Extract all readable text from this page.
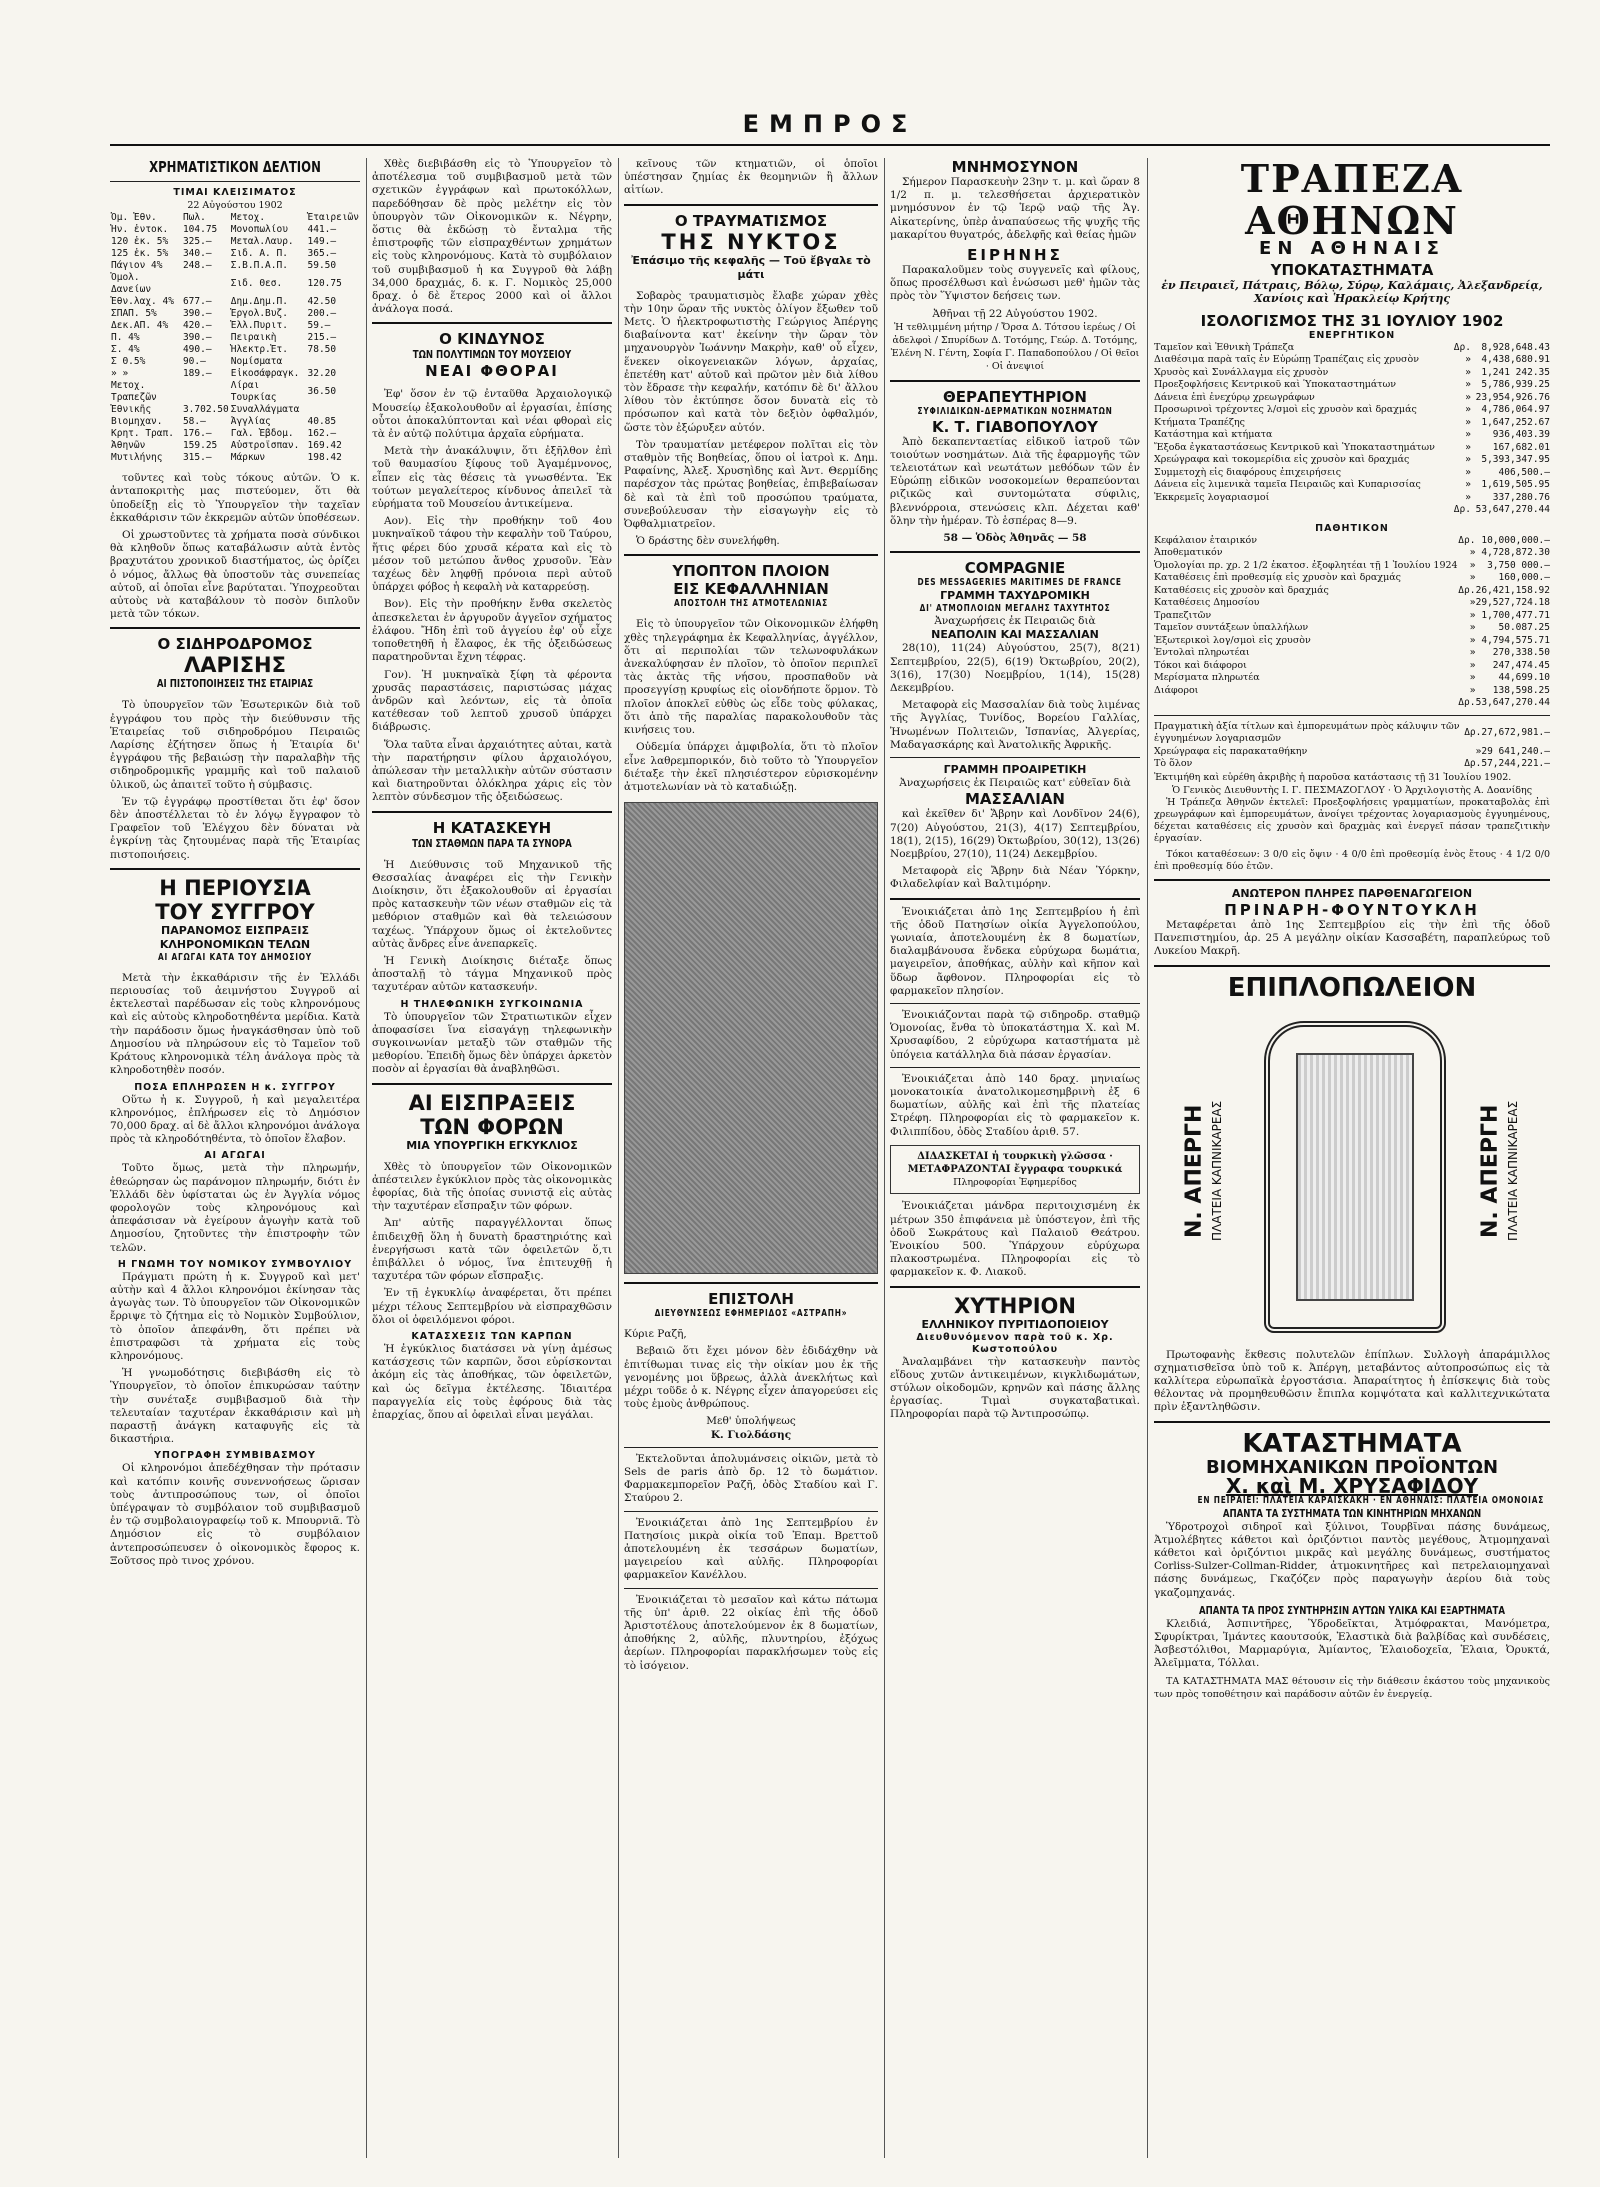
ΕΜΠΡΟΣ
ΧΡΗΜΑΤΙΣΤΙΚΟΝ ΔΕΛΤΙΟΝ
ΤΙΜΑΙ ΚΛΕΙΣΙΜΑΤΟΣ
22 Αὐγούστου 1902
Ὀμ. Ἐθν.	Πωλ.	Μετοχ.	Ἐταιρειῶν
Ἠν. ἐντοκ.	104.75	Μονοπωλίου	441.—
120 ἐκ. 5%	325.—	Μεταλ.Λαυρ.	149.—
125 ἐκ. 5%	340.—	Σιδ. Α. Π.	365.—
Πάγιον 4%	248.—	Σ.Β.Π.Α.Π.	59.50
Ὁμολ. Δανείων		Σιδ. Θεσ.	120.75
Ἐθν.λαχ. 4%	677.—	Δημ.Δημ.Π.	42.50
ΣΠΑΠ. 5%	390.—	Ἐργολ.Βυζ.	200.—
Δεκ.ΑΠ. 4%	420.—	Ἑλλ.Πυριτ.	59.—
Π. 4%	390.—	Πειραικὴ	215.—
Σ. 4%	490.—	Ἡλεκτρ.Ἑτ.	78.50
Σ Θ.5%	90.—	Νομίσματα	
» »	189.—	Εἰκοσάφραγκ.	32.20
Μετοχ. Τραπεζῶν		Λίραι Τουρκίας	36.50
Ἐθνικῆς	3.702.50	Συναλλάγματα	
Βιομηχαν.	58.—	Ἀγγλίας	40.85
Κρητ. Τραπ.	176.—	Γαλ. Ἑβδομ.	162.—
Ἀθηνῶν	159.25	Αὐστροϊσπαν.	169.42
Μυτιλήνης	315.—	Μάρκων	198.42

τοῦντες καὶ τοὺς τόκους αὐτῶν. Ὁ κ. ἀνταποκριτὴς μας πιστεύομεν, ὅτι θὰ ὑποδείξῃ εἰς τὸ Ὑπουργεῖον τὴν ταχεῖαν ἐκκαθάρισιν τῶν ἐκκρεμῶν αὐτῶν ὑποθέσεων.

Οἱ χρωστοῦντες τὰ χρήματα ποσὰ σύνδικοι θὰ κληθοῦν ὅπως καταβάλωσιν αὐτὰ ἐντὸς βραχυτάτου χρονικοῦ διαστήματος, ὡς ὁρίζει ὁ νόμος, ἄλλως θὰ ὑποστοῦν τὰς συνεπείας αὐτοῦ, αἱ ὁποῖαι εἶνε βαρύταται. Ὑποχρεοῦται αὐτοὺς νὰ καταβάλουν τὸ ποσὸν διπλοῦν μετὰ τῶν τόκων.

Ο ΣΙΔΗΡΟΔΡΟΜΟΣ
ΛΑΡΙΣΗΣ
ΑΙ ΠΙΣΤΟΠΟΙΗΣΕΙΣ ΤΗΣ ΕΤΑΙΡΙΑΣ

Τὸ ὑπουργεῖον τῶν Ἐσωτερικῶν διὰ τοῦ ἐγγράφου του πρὸς τὴν διεύθυνσιν τῆς Ἑταιρείας τοῦ σιδηροδρόμου Πειραιῶς Λαρίσης ἐζήτησεν ὅπως ἡ Ἑταιρία δι' ἐγγράφου τῆς βεβαιώσῃ τὴν παραλαβὴν τῆς σιδηροδρομικῆς γραμμῆς καὶ τοῦ παλαιοῦ ὑλικοῦ, ὡς ἀπαιτεῖ τοῦτο ἡ σύμβασις.

Ἐν τῷ ἐγγράφῳ προστίθεται ὅτι ἐφ' ὅσον δὲν ἀποστέλλεται τὸ ἐν λόγῳ ἔγγραφον τὸ Γραφεῖον τοῦ Ἐλέγχου δὲν δύναται νὰ ἐγκρίνῃ τὰς ζητουμένας παρὰ τῆς Ἑταιρίας πιστοποιήσεις.

Η ΠΕΡΙΟΥΣΙΑ
ΤΟΥ ΣΥΓΓΡΟΥ
ΠΑΡΑΝΟΜΟΣ ΕΙΣΠΡΑΞΙΣ
ΚΛΗΡΟΝΟΜΙΚΩΝ ΤΕΛΩΝ
ΑΙ ΑΓΩΓΑΙ ΚΑΤΑ ΤΟΥ ΔΗΜΟΣΙΟΥ

Μετὰ τὴν ἐκκαθάρισιν τῆς ἐν Ἑλλάδι περιουσίας τοῦ ἀειμνήστου Συγγροῦ αἱ ἐκτελεσταὶ παρέδωσαν εἰς τοὺς κληρονόμους καὶ εἰς αὐτοὺς κληροδοτηθέντα μερίδια. Κατὰ τὴν παράδοσιν ὅμως ἠναγκάσθησαν ὑπὸ τοῦ Δημοσίου νὰ πληρώσουν εἰς τὸ Ταμεῖον τοῦ Κράτους κληρονομικὰ τέλη ἀνάλογα πρὸς τὰ κληροδοτηθὲν ποσόν.

ΠΟΣΑ ΕΠΛΗΡΩΣΕΝ Η κ. ΣΥΓΓΡΟΥ

Οὕτω ἡ κ. Συγγροῦ, ἡ καὶ μεγαλειτέρα κληρονόμος, ἐπλήρωσεν εἰς τὸ Δημόσιον 70,000 δραχ. αἱ δὲ ἄλλοι κληρονόμοι ἀνάλογα πρὸς τὰ κληροδότηθέντα, τὸ ὁποῖον ἔλαβον.

ΑΙ ΑΓΩΓΑΙ

Τοῦτο ὅμως, μετὰ τὴν πληρωμήν, ἐθεώρησαν ὡς παράνομον πληρωμήν, διότι ἐν Ἑλλάδι δὲν ὑφίσταται ὡς ἐν Ἀγγλία νόμος φορολογῶν τοὺς κληρονόμους καὶ ἀπεφάσισαν νὰ ἐγείρουν ἀγωγὴν κατὰ τοῦ Δημοσίου, ζητοῦντες τὴν ἐπιστροφὴν τῶν τελῶν.

Η ΓΝΩΜΗ ΤΟΥ ΝΟΜΙΚΟΥ ΣΥΜΒΟΥΛΙΟΥ

Πράγματι πρώτη ἡ κ. Συγγροῦ καὶ μετ' αὐτὴν καὶ 4 ἄλλοι κληρονόμοι ἐκίνησαν τὰς ἀγωγὰς των. Τὸ ὑπουργεῖον τῶν Οἰκονομικῶν ἔρριψε τὸ ζήτημα εἰς τὸ Νομικὸν Συμβούλιον, τὸ ὁποῖον ἀπεφάνθη, ὅτι πρέπει νὰ ἐπιστραφῶσι τὰ χρήματα εἰς τοὺς κληρονόμους.

Ἡ γνωμοδότησις διεβιβάσθη εἰς τὸ Ὑπουργεῖον, τὸ ὁποῖον ἐπικυρώσαν ταύτην τὴν συνέταξε συμβιβασμοῦ διὰ τὴν τελευταίαν ταχυτέραν ἐκκαθάρισιν καὶ μὴ παραστῇ ἀνάγκη καταφυγῆς εἰς τὰ δικαστήρια.

ΥΠΟΓΡΑΦΗ ΣΥΜΒΙΒΑΣΜΟΥ

Οἱ κληρονόμοι ἀπεδέχθησαν τὴν πρότασιν καὶ κατόπιν κοινῆς συνεννοήσεως ὥρισαν τοὺς ἀντιπροσώπους των, οἱ ὁποῖοι ὑπέγραψαν τὸ συμβόλαιον τοῦ συμβιβασμοῦ ἐν τῷ συμβολαιογραφείῳ τοῦ κ. Μπουρνιᾶ. Τὸ Δημόσιον εἰς τὸ συμβόλαιον ἀντεπροσώπευσεν ὁ οἰκονομικὸς ἔφορος κ. Ξοῦτσος πρὸ τινος χρόνου.

Χθὲς διεβιβάσθη εἰς τὸ Ὑπουργεῖον τὸ ἀποτέλεσμα τοῦ συμβιβασμοῦ μετὰ τῶν σχετικῶν ἐγγράφων καὶ πρωτοκόλλων, παρεδόθησαν δὲ πρὸς μελέτην εἰς τὸν ὑπουργὸν τῶν Οἰκονομικῶν κ. Νέγρην, ὅστις θὰ ἐκδώσῃ τὸ ἔνταλμα τῆς ἐπιστροφῆς τῶν εἰσπραχθέντων χρημάτων εἰς τοὺς κληρονόμους. Κατὰ τὸ συμβόλαιον τοῦ συμβιβασμοῦ ἡ κα Συγγροῦ θὰ λάβῃ 34,000 δραχμάς, δ. κ. Γ. Νομικὸς 25,000 δραχ. ὁ δὲ ἕτερος 2000 καὶ οἱ ἄλλοι ἀνάλογα ποσά.

Ο ΚΙΝΔΥΝΟΣ
ΤΩΝ ΠΟΛΥΤΙΜΩΝ ΤΟΥ ΜΟΥΣΕΙΟΥ
ΝΕΑΙ ΦΘΟΡΑΙ

Ἐφ' ὅσον ἐν τῷ ἐνταῦθα Ἀρχαιολογικῷ Μουσείῳ ἐξακολουθοῦν αἱ ἐργασίαι, ἐπίσης οὗτοι ἀποκαλύπτονται καὶ νέαι φθοραὶ εἰς τὰ ἐν αὐτῷ πολύτιμα ἀρχαῖα εὑρήματα.

Μετὰ τὴν ἀνακάλυψιν, ὅτι ἐξῆλθον ἐπὶ τοῦ θαυμασίου ξίφους τοῦ Ἀγαμέμνονος, εἶπεν εἰς τὰς θέσεις τὰ γνωσθέντα. Ἐκ τούτων μεγαλείτερος κίνδυνος ἀπειλεῖ τὰ εὑρήματα τοῦ Μουσείου ἀντικείμενα.

Αον). Εἰς τὴν προθήκην τοῦ 4ου μυκηναϊκοῦ τάφου τὴν κεφαλὴν τοῦ Ταύρου, ἥτις φέρει δύο χρυσᾶ κέρατα καὶ εἰς τὸ μέσον τοῦ μετώπου ἄνθος χρυσοῦν. Ἐὰν ταχέως δὲν ληφθῇ πρόνοια περὶ αὐτοῦ ὑπάρχει φόβος ἡ κεφαλὴ νὰ καταρρεύσῃ.

Βον). Εἰς τὴν προθήκην ἔνθα σκελετὸς ἀπεσκελεται ἐν ἀργυροῦν ἀγγεῖον σχήματος ἐλάφου. Ἤδη ἐπὶ τοῦ ἀγγείου ἐφ' οὗ εἶχε τοποθετηθῆ ἡ ἔλαφος, ἐκ τῆς ὀξειδώσεως παρατηροῦνται ἔχνη τέφρας.

Γον). Ἡ μυκηναϊκὰ ξίφη τὰ φέροντα χρυσᾶς παραστάσεις, παριστώσας μάχας ἀνδρῶν καὶ λεόντων, εἰς τὰ ὁποῖα κατέθεσαν τοῦ λεπτοῦ χρυσοῦ ὑπάρχει διάβρωσις.

Ὅλα ταῦτα εἶναι ἀρχαιότητες αὐται, κατὰ τὴν παρατήρησιν φίλου ἀρχαιολόγου, ἀπώλεσαν τὴν μεταλλικὴν αὐτῶν σύστασιν καὶ διατηροῦνται ὁλόκληρα χάρις εἰς τὸν λεπτὸν σύνδεσμον τῆς ὀξειδώσεως.

Η ΚΑΤΑΣΚΕΥΗ
ΤΩΝ ΣΤΑΘΜΩΝ ΠΑΡΑ ΤΑ ΣΥΝΟΡΑ

Ἡ Διεύθυνσις τοῦ Μηχανικοῦ τῆς Θεσσαλίας ἀναφέρει εἰς τὴν Γενικὴν Διοίκησιν, ὅτι ἐξακολουθοῦν αἱ ἐργασίαι πρὸς κατασκευὴν τῶν νέων σταθμῶν εἰς τὰ μεθόριον σταθμῶν καὶ θὰ τελειώσουν ταχέως. Ὑπάρχουν ὅμως οἱ ἐκτελοῦντες αὐτὰς ἄνδρες εἶνε ἀνεπαρκεῖς.

Ἡ Γενικὴ Διοίκησις διέταξε ὅπως ἀποσταλῇ τὸ τάγμα Μηχανικοῦ πρὸς ταχυτέραν αὐτῶν κατασκευήν.

Η ΤΗΛΕΦΩΝΙΚΗ ΣΥΓΚΟΙΝΩΝΙΑ

Τὸ ὑπουργεῖον τῶν Στρατιωτικῶν εἶχεν ἀποφασίσει ἵνα εἰσαγάγῃ τηλεφωνικὴν συγκοινωνίαν μεταξὺ τῶν σταθμῶν τῆς μεθορίου. Ἐπειδὴ ὅμως δὲν ὑπάρχει ἀρκετὸν ποσὸν αἱ ἐργασίαι θὰ ἀναβληθῶσι.

ΑΙ ΕΙΣΠΡΑΞΕΙΣ
ΤΩΝ ΦΟΡΩΝ
ΜΙΑ ΥΠΟΥΡΓΙΚΗ ΕΓΚΥΚΛΙΟΣ

Χθὲς τὸ ὑπουργεῖον τῶν Οἰκονομικῶν ἀπέστειλεν ἐγκύκλιον πρὸς τὰς οἰκονομικὰς ἐφορίας, διὰ τῆς ὁποίας συνιστᾷ εἰς αὐτὰς τὴν ταχυτέραν εἴσπραξιν τῶν φόρων.

Ἀπ' αὐτῆς παραγγέλλονται ὅπως ἐπιδειχθῇ ὅλη ἡ δυνατὴ δραστηριότης καὶ ἐνεργήσωσι κατὰ τῶν ὀφειλετῶν ὅ,τι ἐπιβάλλει ὁ νόμος, ἵνα ἐπιτευχθῇ ἡ ταχυτέρα τῶν φόρων εἴσπραξις.

Ἐν τῇ ἐγκυκλίῳ ἀναφέρεται, ὅτι πρέπει μέχρι τέλους Σεπτεμβρίου νὰ εἰσπραχθῶσιν ὅλοι οἱ ὀφειλόμενοι φόροι.

ΚΑΤΑΣΧΕΣΙΣ ΤΩΝ ΚΑΡΠΩΝ

Ἡ ἐγκύκλιος διατάσσει νὰ γίνῃ ἀμέσως κατάσχεσις τῶν καρπῶν, ὅσοι εὑρίσκονται ἀκόμη εἰς τὰς ἀποθήκας, τῶν ὀφειλετῶν, καὶ ὡς δεῖγμα ἐκτέλεσης. Ἰδιαιτέρα παραγγελία εἰς τοὺς ἐφόρους διὰ τὰς ἐπαρχίας, ὅπου αἱ ὀφειλαὶ εἶναι μεγάλαι.

κεῖνους τῶν κτηματιῶν, οἱ ὁποῖοι ὑπέστησαν ζημίας ἐκ θεομηνιῶν ἢ ἄλλων αἰτίων.

Ο ΤΡΑΥΜΑΤΙΣΜΟΣ
ΤΗΣ ΝΥΚΤΟΣ
Ἐπάσιμο τῆς κεφαλῆς — Τοῦ ἔβγαλε τὸ μάτι

Σοβαρὸς τραυματισμὸς ἔλαβε χώραν χθὲς τὴν 10ην ὥραν τῆς νυκτὸς ὀλίγον ἔξωθεν τοῦ Μετς. Ὁ ἠλεκτροφωτιστὴς Γεώργιος Ἀπέργης διαβαίνοντα κατ' ἐκείνην τὴν ὥραν τὸν μηχανουργὸν Ἰωάννην Μακρὴν, καθ' οὗ εἶχεν, ἕνεκεν οἰκογενειακῶν λόγων, ἀρχαίας, ἐπετέθη κατ' αὐτοῦ καὶ πρῶτον μὲν διὰ λίθου τὸν ἔδρασε τὴν κεφαλήν, κατόπιν δὲ δι' ἄλλου λίθου τὸν ἐκτύπησε ὅσον δυνατὰ εἰς τὸ πρόσωπον καὶ κατὰ τὸν δεξιὸν ὀφθαλμόν, ὥστε τὸν ἐξώρυξεν αὐτόν.

Τὸν τραυματίαν μετέφερον πολῖται εἰς τὸν σταθμὸν τῆς Βοηθείας, ὅπου οἱ ἰατροὶ κ. Δημ. Ραφαίνης, Ἀλεξ. Χρυσηὶδης καὶ Ἀντ. Θερμίδης παρέσχον τὰς πρώτας βοηθείας, ἐπιβεβαίωσαν δὲ καὶ τὰ ἐπὶ τοῦ προσώπου τραύματα, συνεβούλευσαν τὴν εἰσαγωγὴν εἰς τὸ Ὀφθαλμιατρεῖον.

Ὁ δράστης δὲν συνελήφθη.

ΥΠΟΠΤΟΝ ΠΛΟΙΟΝ
ΕΙΣ ΚΕΦΑΛΛΗΝΙΑΝ
ΑΠΟΣΤΟΛΗ ΤΗΣ ΑΤΜΟΤΕΛΩΝΙΑΣ

Εἰς τὸ ὑπουργεῖον τῶν Οἰκονομικῶν ἐλήφθη χθὲς τηλεγράφημα ἐκ Κεφαλληνίας, ἀγγέλλον, ὅτι αἱ περιπολίαι τῶν τελωνοφυλάκων ἀνεκαλύφησαν ἐν πλοῖον, τὸ ὁποῖον περιπλεῖ τὰς ἀκτὰς τῆς νήσου, προσπαθοῦν νὰ προσεγγίσῃ κρυφίως εἰς οἰονδήποτε ὅρμον. Τὸ πλοῖον ἀποκλεῖ εὐθὺς ὡς εἶδε τοὺς φύλακας, ὅτι ἀπὸ τῆς παραλίας παρακολουθοῦν τὰς κινήσεις του.

Οὐδεμία ὑπάρχει ἀμφιβολία, ὅτι τὸ πλοῖον εἶνε λαθρεμπορικόν, διὸ τοῦτο τὸ Ὑπουργεῖον διέταξε τὴν ἐκεῖ πλησιέστερον εὑρισκομένην ἀτμοτελωνίαν νὰ τὸ καταδιώξῃ.

ΕΠΙΣΤΟΛΗ
ΔΙΕΥΘΥΝΣΕΩΣ ΕΦΗΜΕΡΙΔΟΣ «ΑΣΤΡΑΠΗ»

Κύριε Ραζῆ,

Βεβαιῶ ὅτι ἔχει μόνον δὲν ἐδιδάχθην νὰ ἐπιτίθωμαι τινας εἰς τὴν οἰκίαν μου ἐκ τῆς γενομένης μοι ὕβρεως, ἀλλὰ ἀνεκλήτως καὶ μέχρι τοῦδε ὁ κ. Νέγρης εἶχεν ἀπαγορεύσει εἰς τοὺς ἐμοὺς ἀνθρώπους.

Μεθ' ὑπολήψεως
Κ. Γιολδάσης

Ἐκτελοῦνται ἀπολυμάνσεις οἰκιῶν, μετὰ τὸ Sels de paris ἀπὸ δρ. 12 τὸ δωμάτιον. Φαρμακεμπορεῖον Ραζῆ, ὁδὸς Σταδίου καὶ Γ. Σταύρου 2.

Ἐνοικιάζεται ἀπὸ 1ης Σεπτεμβρίου ἐν Πατησίοις μικρὰ οἰκία τοῦ Ἐπαμ. Βρεττοῦ ἀποτελουμένη ἐκ τεσσάρων δωματίων, μαγειρείου καὶ αὐλῆς. Πληροφορίαι φαρμακεῖον Κανέλλου.

Ἐνοικιάζεται τὸ μεσαῖον καὶ κάτω πάτωμα τῆς ὑπ' ἀριθ. 22 οἰκίας ἐπὶ τῆς ὁδοῦ Ἀριστοτέλους ἀποτελούμενον ἐκ 8 δωματίων, ἀποθήκης 2, αὐλῆς, πλυντηρίου, ἐξόχως ἀερίων. Πληροφορίαι παρακλήσωμεν τοὺς εἰς τὸ ἰσόγειον.

ΜΝΗΜΟΣΥΝΟΝ

Σήμερον Παρασκευὴν 23ην τ. μ. καὶ ὥραν 8 1/2 π. μ. τελεσθήσεται ἀρχιερατικὸν μνημόσυνον ἐν τῷ Ἱερῷ ναῷ τῆς Ἁγ. Αἰκατερίνης, ὑπὲρ ἀναπαύσεως τῆς ψυχῆς τῆς μακαρίτου θυγατρός, ἀδελφῆς καὶ θείας ἡμῶν

ΕΙΡΗΝΗΣ

Παρακαλοῦμεν τοὺς συγγενεῖς καὶ φίλους, ὅπως προσέλθωσι καὶ ἑνώσωσι μεθ' ἡμῶν τὰς πρὸς τὸν Ὕψιστον δεήσεις των.

Ἀθῆναι τῇ 22 Αὐγούστου 1902.
Ἡ τεθλιμμένη μήτηρ / Ὄρσα Δ. Τότσου ἱερέως / Οἱ ἀδελφοὶ / Σπυρίδων Δ. Τοτόμης, Γεώρ. Δ. Τοτόμης, Ἑλένη Ν. Γέντη, Σοφία Γ. Παπαδοπούλου / Οἱ θεῖοι · Οἱ ἀνεψιοί
ΘΕΡΑΠΕΥΤΗΡΙΟΝ
ΣΥΦΙΛΙΔΙΚΩΝ-ΔΕΡΜΑΤΙΚΩΝ ΝΟΣΗΜΑΤΩΝ
Κ. Τ. ΓΙΑΒΟΠΟΥΛΟΥ

Ἀπὸ δεκαπενταετίας εἰδικοῦ ἰατροῦ τῶν τοιούτων νοσημάτων. Διὰ τῆς ἐφαρμογῆς τῶν τελειοτάτων καὶ νεωτάτων μεθόδων τῶν ἐν Εὐρώπῃ εἰδικῶν νοσοκομείων θεραπεύονται ριζικῶς καὶ συντομώτατα σύφιλις, βλεννόρροια, στενώσεις κλπ. Δέχεται καθ' ὅλην τὴν ἡμέραν. Τὸ ἑσπέρας 8—9.

58 — Ὁδὸς Ἀθηνᾶς — 58
COMPAGNIE
DES MESSAGERIES MARITIMES DE FRANCE
ΓΡΑΜΜΗ ΤΑΧΥΔΡΟΜΙΚΗ
ΔΙ' ΑΤΜΟΠΛΟΙΩΝ ΜΕΓΑΛΗΣ ΤΑΧΥΤΗΤΟΣ
Ἀναχωρήσεις ἐκ Πειραιῶς διὰ
ΝΕΑΠΟΛΙΝ ΚΑΙ ΜΑΣΣΑΛΙΑΝ

28(10), 11(24) Αὐγούστου, 25(7), 8(21) Σεπτεμβρίου, 22(5), 6(19) Ὀκτωβρίου, 20(2), 3(16), 17(30) Νοεμβρίου, 1(14), 15(28) Δεκεμβρίου.

Μεταφορὰ εἰς Μασσαλίαν διὰ τοὺς λιμένας τῆς Ἀγγλίας, Τυνίδος, Βορείου Γαλλίας, Ἠνωμένων Πολιτειῶν, Ἰσπανίας, Ἀλγερίας, Μαδαγασκάρης καὶ Ἀνατολικῆς Ἀφρικῆς.

ΓΡΑΜΜΗ ΠΡΟΑΙΡΕΤΙΚΗ
Ἀναχωρήσεις ἐκ Πειραιῶς κατ' εὐθεῖαν διὰ
ΜΑΣΣΑΛΙΑΝ

καὶ ἐκεῖθεν δι' Ἄβρην καὶ Λονδῖνον 24(6), 7(20) Αὐγούστου, 21(3), 4(17) Σεπτεμβρίου, 18(1), 2(15), 16(29) Ὀκτωβρίου, 30(12), 13(26) Νοεμβρίου, 27(10), 11(24) Δεκεμβρίου.

Μεταφορὰ εἰς Ἄβρην διὰ Νέαν Ὑόρκην, Φιλαδελφίαν καὶ Βαλτιμόρην.

Ἐνοικιάζεται ἀπὸ 1ης Σεπτεμβρίου ἡ ἐπὶ τῆς ὁδοῦ Πατησίων οἰκία Ἀγγελοπούλου, γωνιαία, ἀποτελουμένη ἐκ 8 δωματίων, διαλαμβάνουσα ἕνδεκα εὐρύχωρα δωμάτια, μαγειρεῖον, ἀποθήκας, αὐλὴν καὶ κῆπον καὶ ὕδωρ ἄφθονον. Πληροφορίαι εἰς τὸ φαρμακεῖον πλησίον.

Ἐνοικιάζονται παρὰ τῷ σιδηροδρ. σταθμῷ Ὁμονοίας, ἔνθα τὸ ὑποκατάστημα Χ. καὶ Μ. Χρυσαφίδου, 2 εὐρύχωρα καταστήματα μὲ ὑπόγεια κατάλληλα διὰ πάσαν ἐργασίαν.

Ἐνοικιάζεται ἀπὸ 140 δραχ. μηνιαίως μονοκατοικία ἀνατολικομεσημβρινὴ ἐξ 6 δωματίων, αὐλῆς καὶ ἐπὶ τῆς πλατείας Στρέφη. Πληροφορίαι εἰς τὸ φαρμακεῖον κ. Φιλιππίδου, ὁδὸς Σταδίου ἀριθ. 57.

ΔΙΔΑΣΚΕΤΑΙ ἡ τουρκικὴ γλῶσσα · ΜΕΤΑΦΡΑΖΟΝΤΑΙ ἔγγραφα τουρκικά
Πληροφορίαι Ἐφημερίδος

Ἐνοικιάζεται μάνδρα περιτοιχισμένη ἐκ μέτρων 350 ἐπιφάνεια μὲ ὑπόστεγον, ἐπὶ τῆς ὁδοῦ Σωκράτους καὶ Παλαιοῦ Θεάτρου. Ἐνοικίου 500. Ὑπάρχουν εὐρύχωρα πλακοστρωμένα. Πληροφορίαι εἰς τὸ φαρμακεῖον κ. Φ. Λιακοῦ.

ΧΥΤΗΡΙΟΝ
ΕΛΛΗΝΙΚΟΥ ΠΥΡΙΤΙΔΟΠΟΙΕΙΟΥ
Διευθυνόμενον παρὰ τοῦ κ. Χρ. Κωστοπούλου

Ἀναλαμβάνει τὴν κατασκευὴν παντὸς εἴδους χυτῶν ἀντικειμένων, κιγκλιδωμάτων, στύλων οἰκοδομῶν, κρηνῶν καὶ πάσης ἄλλης ἐργασίας. Τιμαὶ συγκαταβατικαὶ. Πληροφορίαι παρὰ τῷ Ἀντιπροσώπῳ.

ΤΡΑΠΕΖΑ ΑΘΗΝΩΝ
ΕΝ ΑΘΗΝΑΙΣ
ΥΠΟΚΑΤΑΣΤΗΜΑΤΑ
ἐν Πειραιεῖ, Πάτραις, Βόλῳ, Σύρῳ, Καλάμαις, Ἀλεξανδρείᾳ, Χανίοις καὶ Ἡρακλείῳ Κρήτης
ΙΣΟΛΟΓΙΣΜΟΣ ΤΗΣ 31 ΙΟΥΛΙΟΥ 1902
ΕΝΕΡΓΗΤΙΚΟΝ
Ταμεῖον καὶ Ἐθνικὴ Τράπεζα	Δρ.	8,928,648.43
Διαθέσιμα παρὰ ταῖς ἐν Εὐρώπῃ Τραπέζαις εἰς χρυσὸν	»	4,438,680.91
Χρυσὸς καὶ Συνάλλαγμα εἰς χρυσὸν	»	1,241 242.35
Προεξοφλήσεις Κεντρικοῦ καὶ Ὑποκαταστημάτων	»	5,786,939.25
Δάνεια ἐπὶ ἐνεχύρῳ χρεωγράφων	»	23,954,926.76
Προσωρινοὶ τρέχοντες λ/σμοὶ εἰς χρυσὸν καὶ δραχμάς	»	4,786,064.97
Κτήματα Τραπέζης	»	1,647,252.67
Κατάστημα καὶ κτήματα	»	936,403.39
Ἔξοδα ἐγκαταστάσεως Κεντρικοῦ καὶ Ὑποκαταστημάτων	»	167,682.01
Χρεώγραφα καὶ τοκομερίδια εἰς χρυσὸν καὶ δραχμάς	»	5,393,347.95
Συμμετοχὴ εἰς διαφόρους ἐπιχειρήσεις	»	406,500.—
Δάνεια εἰς λιμενικὰ ταμεῖα Πειραιῶς καὶ Κυπαρισσίας	»	1,619,505.95
Ἐκκρεμεῖς λογαριασμοί	»	337,280.76
	Δρ.	53,647,270.44
ΠΑΘΗΤΙΚΟΝ
Κεφάλαιον ἑταιρικόν	Δρ.	10,000,000.—
Ἀποθεματικόν	»	4,728,872.30
Ὁμολογίαι πρ. χρ. 2 1/2 ἐκατοσ. ἐξοφλητέαι τῇ 1 Ἰουλίου 1924	»	3,750 000.—
Καταθέσεις ἐπὶ προθεσμίᾳ εἰς χρυσὸν καὶ δραχμάς	»	160,000.—
Καταθέσεις εἰς χρυσὸν καὶ δραχμάς	Δρ.	26,421,158.92
Καταθέσεις Δημοσίου	»	29,527,724.18
Τραπεζιτῶν	»	1,700,477.71
Ταμεῖον συντάξεων ὑπαλλήλων	»	50.087.25
Ἐξωτερικοὶ λογ/σμοὶ εἰς χρυσὸν	»	4,794,575.71
Ἐντολαὶ πληρωτέαι	»	270,338.50
Τόκοι καὶ διάφοροι	»	247,474.45
Μερίσματα πληρωτέα	»	44,699.10
Διάφοροι	»	138,598.25
	Δρ.	53,647,270.44
Πραγματικὴ ἀξία τίτλων καὶ ἐμπορευμάτων πρὸς κάλυψιν τῶν ἐγγυημένων λογαριασμῶν	Δρ.	27,672,981.—
Χρεώγραφα εἰς παρακαταθήκην	»	29 641,240.—
Τὸ ὅλον	Δρ.	57,244,221.—
Ἐκτιμήθη καὶ εὑρέθη ἀκριβὴς ἡ παροῦσα κατάστασις τῇ 31 Ἰουλίου 1902.
Ὁ Γενικὸς Διευθυντὴς Ι. Γ. ΠΕΣΜΑΖΟΓΛΟΥ · Ὁ Ἀρχιλογιστὴς Α. Δοανίδης

Ἡ Τράπεζα Ἀθηνῶν ἐκτελεῖ: Προεξοφλήσεις γραμματίων, προκαταβολὰς ἐπὶ χρεωγράφων καὶ ἐμπορευμάτων, ἀνοίγει τρέχοντας λογαριασμοὺς ἐγγυημένους, δέχεται καταθέσεις εἰς χρυσὸν καὶ δραχμὰς καὶ ἐνεργεῖ πάσαν τραπεζιτικὴν ἐργασίαν.

Τόκοι καταθέσεων: 3 0/0 εἰς ὄψιν · 4 0/0 ἐπὶ προθεσμίᾳ ἑνὸς ἔτους · 4 1/2 0/0 ἐπὶ προθεσμίᾳ δύο ἐτῶν.

ΑΝΩΤΕΡΟΝ ΠΛΗΡΕΣ ΠΑΡΘΕΝΑΓΩΓΕΙΟΝ
ΠΡΙΝΑΡΗ-ΦΟΥΝΤΟΥΚΛΗ

Μεταφέρεται ἀπὸ 1ης Σεπτεμβρίου εἰς τὴν ἐπὶ τῆς ὁδοῦ Πανεπιστημίου, ἀρ. 25 Α μεγάλην οἰκίαν Κασσαβέτη, παραπλεύρως τοῦ Λυκείου Μακρῆ.

ΕΠΙΠΛΟΠΩΛΕΙΟΝ
Ν. ΑΠΕΡΓΗ ΠΛΑΤΕΙΑ ΚΑΠΝΙΚΑΡΕΑΣ	Ν. ΑΠΕΡΓΗ ΠΛΑΤΕΙΑ ΚΑΠΝΙΚΑΡΕΑΣ

Πρωτοφανὴς ἔκθεσις πολυτελῶν ἐπίπλων. Συλλογὴ ἀπαράμιλλος σχηματισθεῖσα ὑπὸ τοῦ κ. Ἀπέργη, μεταβάντος αὐτοπροσώπως εἰς τὰ καλλίτερα εὐρωπαϊκὰ ἐργοστάσια. Ἀπαραίτητος ἡ ἐπίσκεψις διὰ τοὺς θέλοντας νὰ προμηθευθῶσιν ἔπιπλα κομψότατα καὶ καλλιτεχνικώτατα πρὶν ἐξαντληθῶσιν.

ΚΑΤΑΣΤΗΜΑΤΑ
ΒΙΟΜΗΧΑΝΙΚΩΝ ΠΡΟΪΟΝΤΩΝ
Χ. καὶ Μ. ΧΡΥΣΑΦΙΔΟΥ
ΕΝ ΠΕΙΡΑΙΕΙ: ΠΛΑΤΕΙΑ ΚΑΡΑΪΣΚΑΚΗ · ΕΝ ΑΘΗΝΑΙΣ: ΠΛΑΤΕΙΑ ΟΜΟΝΟΙΑΣ
ΑΠΑΝΤΑ ΤΑ ΣΥΣΤΗΜΑΤΑ ΤΩΝ ΚΙΝΗΤΗΡΙΩΝ ΜΗΧΑΝΩΝ

Ὑδροτροχοὶ σιδηροῖ καὶ ξύλινοι, Τουρβῖναι πάσης δυνάμεως, Ἀτμολέβητες κάθετοι καὶ ὁριζόντιοι παντὸς μεγέθους, Ἀτμομηχαναὶ κάθετοι καὶ ὁριζόντιοι μικρᾶς καὶ μεγάλης δυνάμεως, συστήματος Corliss-Sulzer-Collman-Ridder, ἀτμοκινητῆρες καὶ πετρελαιομηχαναὶ πάσης δυνάμεως, Γκαζόζεν πρὸς παραγωγὴν ἀερίου διὰ τοὺς γκαζομηχανάς.

ΑΠΑΝΤΑ ΤΑ ΠΡΟΣ ΣΥΝΤΗΡΗΣΙΝ ΑΥΤΩΝ ΥΛΙΚΑ ΚΑΙ ΕΞΑΡΤΗΜΑΤΑ

Κλειδιά, Ἀσπιντῆρες, Ὑδροδεῖκται, Ἀτμόφρακται, Μανόμετρα, Σφυρίκτραι, Ἰμάντες καουτσούκ, Ἐλαστικὰ διὰ βαλβίδας καὶ συνδέσεις, Ἀσβεστόλιθοι, Μαρμαρύγια, Ἀμίαντος, Ἐλαιοδοχεῖα, Ἐλαια, Ὀρυκτά, Ἀλεῖμματα, Τόλλαι.

ΤΑ ΚΑΤΑΣΤΗΜΑΤΑ ΜΑΣ θέτουσιν εἰς τὴν διάθεσιν ἑκάστου τοὺς μηχανικοὺς των πρὸς τοποθέτησιν καὶ παράδοσιν αὐτῶν ἐν ἐνεργείᾳ.
